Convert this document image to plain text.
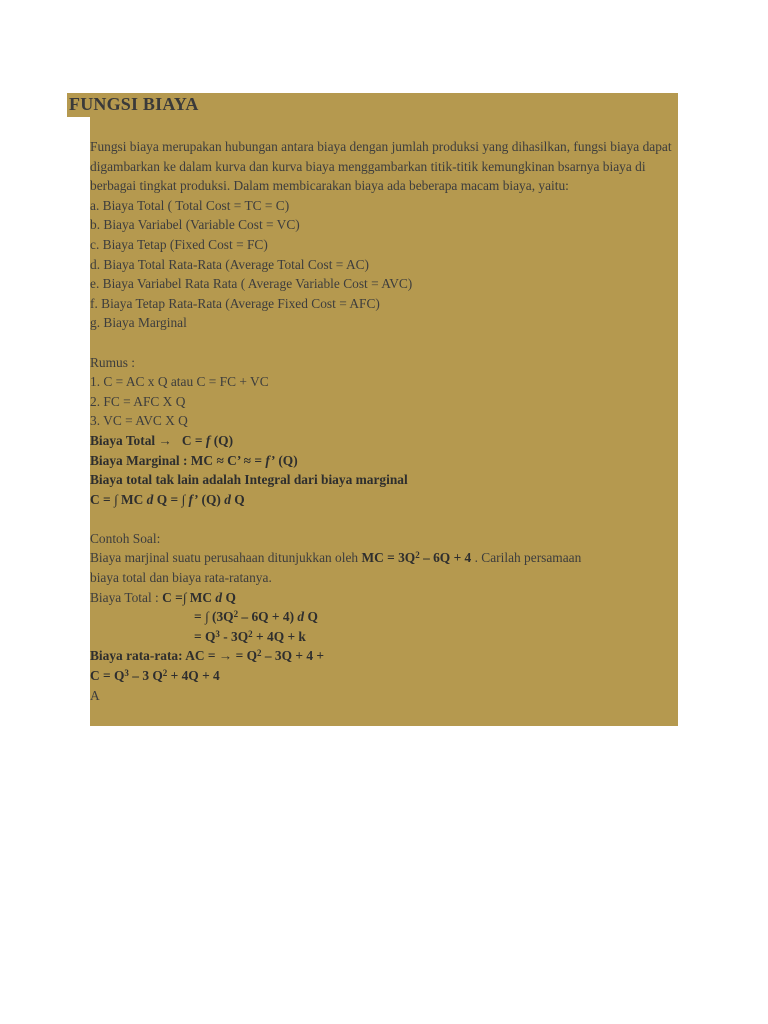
FUNGSI BIAYA

Fungsi biaya merupakan hubungan antara biaya dengan jumlah produksi yang dihasilkan, fungsi biaya dapat digambarkan ke dalam kurva dan kurva biaya menggambarkan titik-titik kemungkinan bsarnya biaya di berbagai tingkat produksi. Dalam membicarakan biaya ada beberapa macam biaya, yaitu:

a. Biaya Total ( Total Cost = TC = C)

b. Biaya Variabel (Variable Cost = VC)

c. Biaya Tetap (Fixed Cost = FC)

d. Biaya Total Rata-Rata (Average Total Cost = AC)

e. Biaya Variabel Rata Rata ( Average Variable Cost = AVC)

f. Biaya Tetap Rata-Rata (Average Fixed Cost = AFC)

g. Biaya Marginal

Rumus :

1. C = AC x Q atau C = FC + VC

2. FC = AFC X Q

3. VC = AVC X Q

Biaya Total → C = f (Q)

Biaya Marginal : MC ≈ C’ ≈ = f’ (Q)

Biaya total tak lain adalah Integral dari biaya marginal

C = ∫ MC d Q = ∫ f’ (Q) d Q

Contoh Soal:

Biaya marjinal suatu perusahaan ditunjukkan oleh MC = $3Q^2 - 6Q + 4$ . Carilah persamaan

biaya total dan biaya rata-ratanya.

Biaya Total : C =∫ MC d Q

= ∫ $(3Q^2 - 6Q + 4)$ d Q

= $Q^3 - 3Q^2 + 4Q + k$

Biaya rata-rata: AC = → = $Q^2 - 3Q + 4$ +

$C = Q^3 - 3$ $Q^2 + 4Q + 4$

A
